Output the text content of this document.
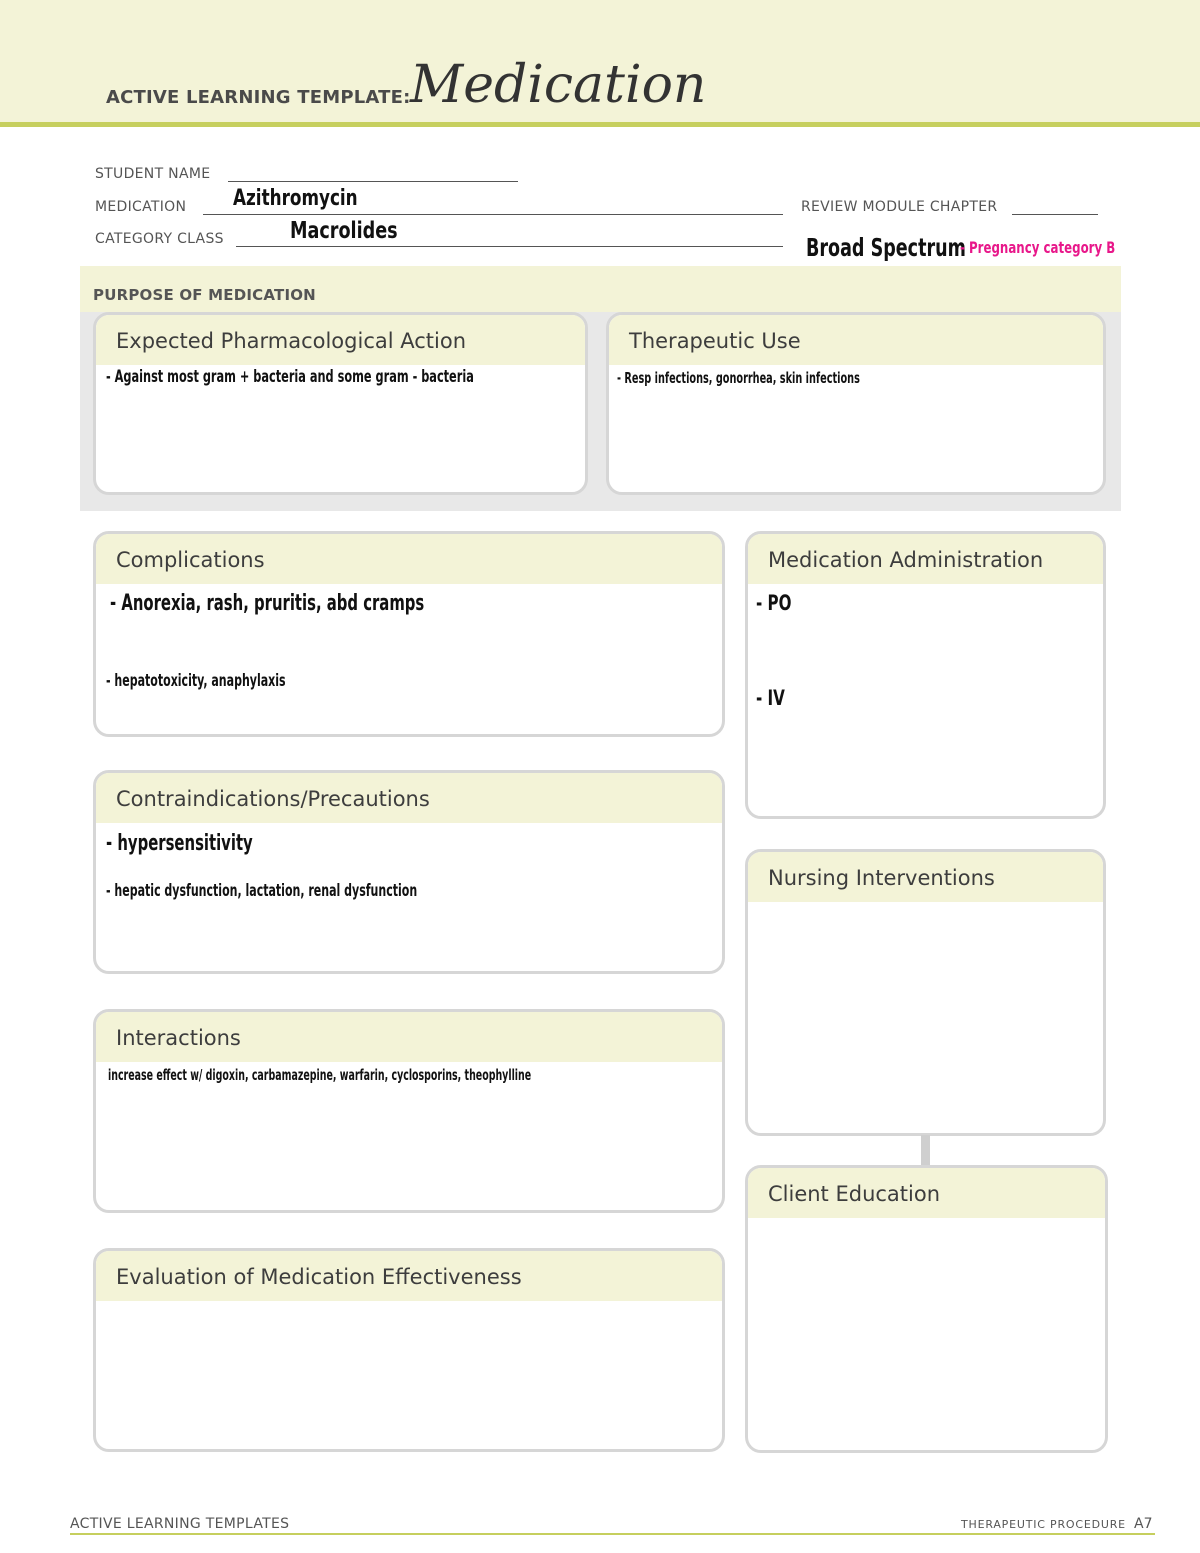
ACTIVE LEARNING TEMPLATE: Medication
STUDENT NAME
MEDICATION Azithromycin	REVIEW MODULE CHAPTER
CATEGORY CLASS	Macrolides
Broad Spectrum
- Pregnancy category B
PURPOSE OF MEDICATION
Expected Pharmacological Action
- Against most gram + bacteria and some gram - bacteria
Therapeutic Use
- Resp infections, gonorrhea, skin infections
Complications
- Anorexia, rash, pruritis, abd cramps
- hepatotoxicity, anaphylaxis
Contraindications/Precautions
- hypersensitivity
- hepatic dysfunction, lactation, renal dysfunction
Interactions
increase effect w/ digoxin, carbamazepine, warfarin, cyclosporins, theophylline
Evaluation of Medication Effectiveness
Medication Administration
- PO
- IV
Nursing Interventions
Client Education
ACTIVE LEARNING TEMPLATES	THERAPEUTIC PROCEDURE A7
